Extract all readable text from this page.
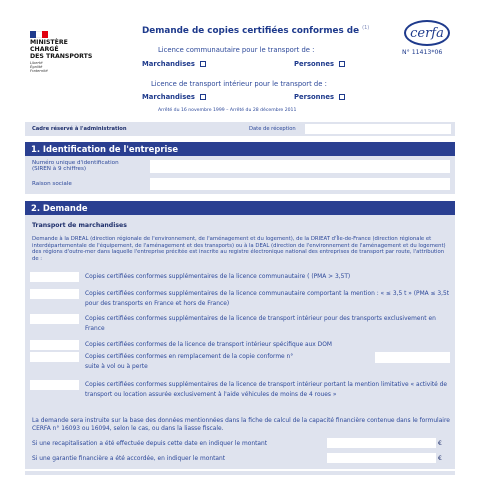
MINISTÈRE
CHARGÉ
DES TRANSPORTS
Liberté
Égalité
Fraternité
Demande de copies certifiées conformes de $^{(1)}$
Licence communautaire pour le transport de :
Marchandises	Personnes
Licence de transport intérieur pour le transport de :
Marchandises	Personnes
Arrêté du 16 novembre 1999 – Arrêté du 28 décembre 2011
cerfa
N° 11413*06
Cadre réservé à l'administration	Date de réception
1. Identification de l'entreprise
Numéro unique d'identification
(SIREN à 9 chiffres)
Raison sociale
2. Demande
Transport de marchandises
Demande à la DREAL (direction régionale de l'environnement, de l'aménagement et du logement), de la DRIEAT d'Île-de-France (direction régionale et interdépartementale de l'équipement, de l'aménagement et des transports) ou à la DEAL (direction de l'environnement de l'aménagement et du logement) des régions d'outre-mer dans laquelle l'entreprise précitée est inscrite au registre électronique national des entreprises de transport par route, l'attribution de :
Copies certifiées conformes supplémentaires de la licence communautaire ( (PMA > 3,5T)
Copies certifiées conformes supplémentaires de la licence communautaire comportant la mention : « ≤ 3,5 t » (PMA ≤ 3,5t pour des transports en France et hors de France)
Copies certifiées conformes supplémentaires de la licence de transport intérieur pour des transports exclusivement en France
Copies certifiées conformes de la licence de transport intérieur spécifique aux DOM
Copies certifiées conformes en remplacement de la copie conforme n°
suite à vol ou à perte
Copies certifiées conformes supplémentaires de la licence de transport intérieur portant la mention limitative « activité de transport ou location assurée exclusivement à l'aide véhicules de moins de 4 roues »
La demande sera instruite sur la base des données mentionnées dans la fiche de calcul de la capacité financière contenue dans le formulaire CERFA n° 16093 ou 16094, selon le cas, ou dans la liasse fiscale.
Si une recapitalisation a été effectuée depuis cette date en indiquer le montant	€
Si une garantie financière a été accordée, en indiquer le montant	€
